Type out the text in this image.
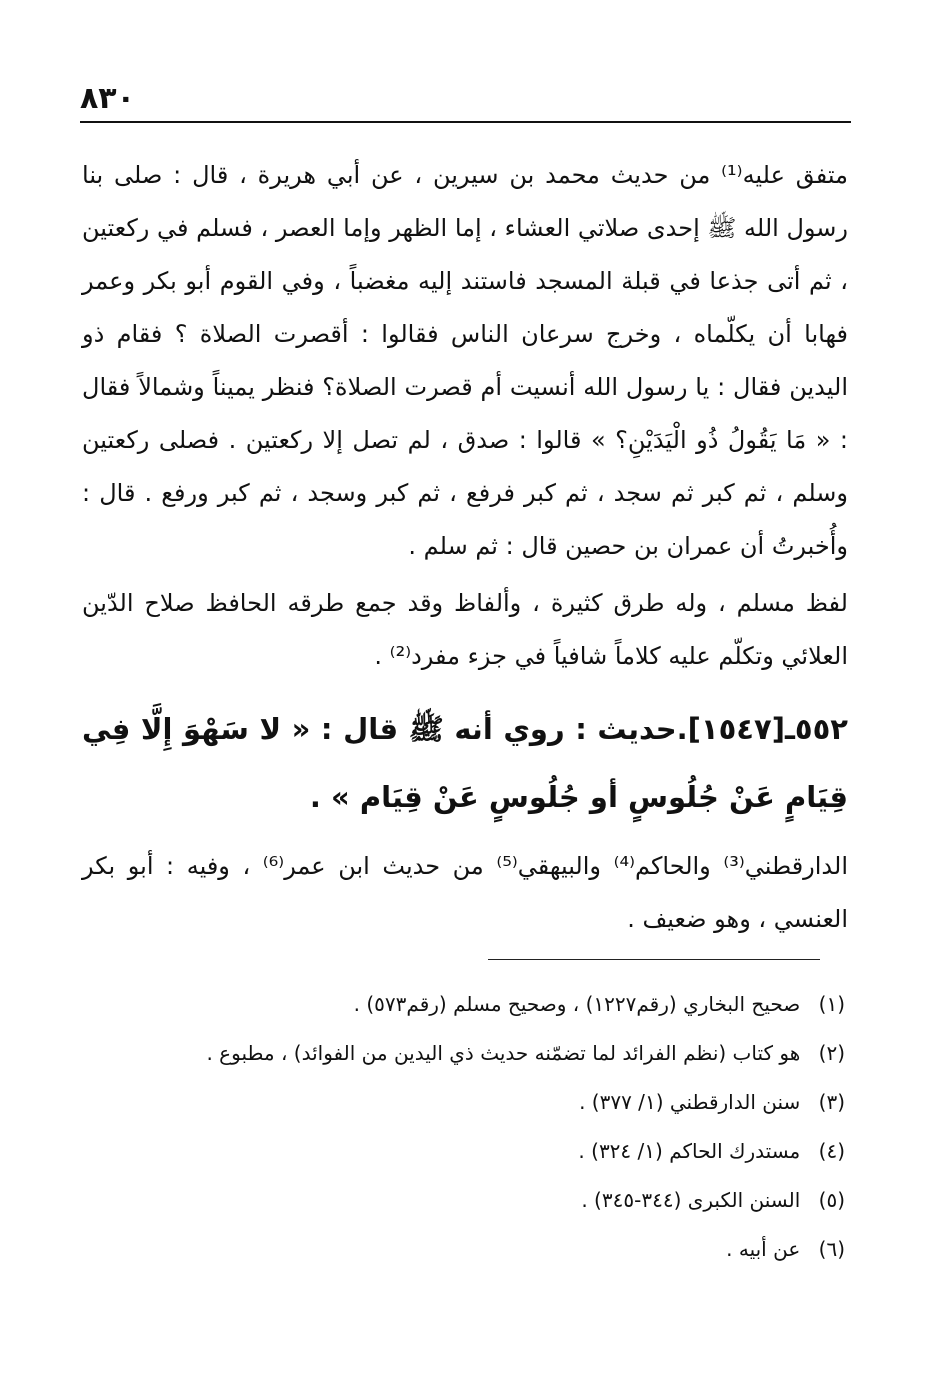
٨٣٠
متفق عليه⁽¹⁾ من حديث محمد بن سيرين ، عن أبي هريرة ، قال : صلى بنا رسول الله ﷺ إحدى صلاتي العشاء ، إما الظهر وإما العصر ، فسلم في ركعتين ، ثم أتى جذعا في قبلة المسجد فاستند إليه مغضباً ، وفي القوم أبو بكر وعمر فهابا أن يكلّماه ، وخرج سرعان الناس فقالوا : أقصرت الصلاة ؟ فقام ذو اليدين فقال : يا رسول الله أنسيت أم قصرت الصلاة؟ فنظر يميناً وشمالاً فقال : « مَا يَقُولُ ذُو الْيَدَيْنِ؟ » قالوا : صدق ، لم تصل إلا ركعتين . فصلى ركعتين وسلم ، ثم كبر ثم سجد ، ثم كبر فرفع ، ثم كبر وسجد ، ثم كبر ورفع . قال : وأُخبرتُ أن عمران بن حصين قال : ثم سلم .
لفظ مسلم ، وله طرق كثيرة ، وألفاظ وقد جمع طرقه الحافظ صلاح الدّين العلائي وتكلّم عليه كلاماً شافياً في جزء مفرد⁽²⁾ .
٥٥٢ـ[١٥٤٧].حديث : روي أنه ﷺ قال : « لا سَهْوَ إِلَّا فِي قِيَامٍ عَنْ جُلُوسٍ أو جُلُوسٍ عَنْ قِيَام » .
الدارقطني⁽³⁾ والحاكم⁽⁴⁾ والبيهقي⁽⁵⁾ من حديث ابن عمر⁽⁶⁾ ، وفيه : أبو بكر العنسي ، وهو ضعيف .
(١) صحيح البخاري (رقم١٢٢٧) ، وصحيح مسلم (رقم٥٧٣) .
(٢) هو كتاب (نظم الفرائد لما تضمّنه حديث ذي اليدين من الفوائد) ، مطبوع .
(٣) سنن الدارقطني (١/ ٣٧٧) .
(٤) مستدرك الحاكم (١/ ٣٢٤) .
(٥) السنن الكبرى (٣٤٤-٣٤٥) .
(٦) عن أبيه .
